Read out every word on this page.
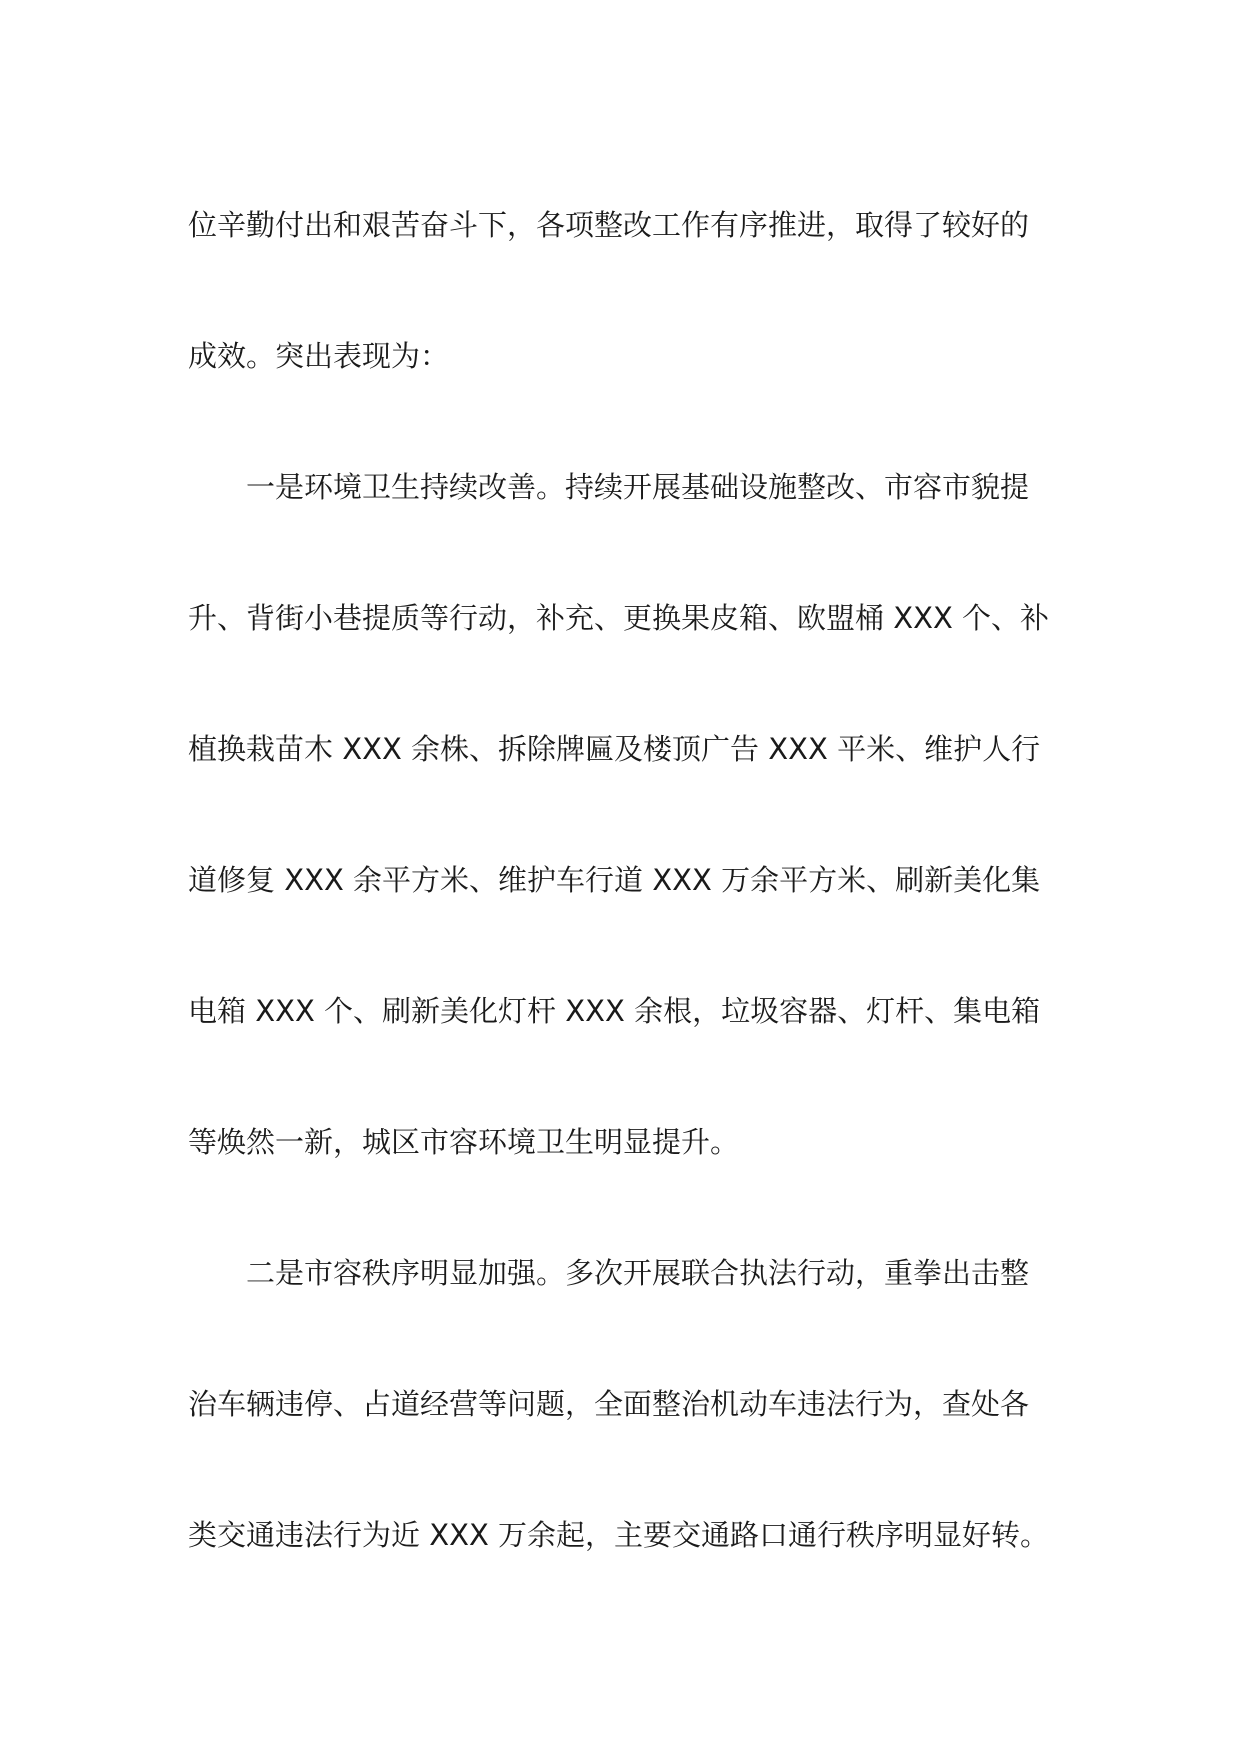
位辛勤付出和艰苦奋斗下，各项整改工作有序推进，取得了较好的
成效。突出表现为：
一是环境卫生持续改善。持续开展基础设施整改、市容市貌提
升、背街小巷提质等行动，补充、更换果皮箱、欧盟桶 XXX 个、补
植换栽苗木 XXX 余株、拆除牌匾及楼顶广告 XXX 平米、维护人行
道修复 XXX 余平方米、维护车行道 XXX 万余平方米、刷新美化集
电箱 XXX 个、刷新美化灯杆 XXX 余根，垃圾容器、灯杆、集电箱
等焕然一新，城区市容环境卫生明显提升。
二是市容秩序明显加强。多次开展联合执法行动，重拳出击整
治车辆违停、占道经营等问题，全面整治机动车违法行为，查处各
类交通违法行为近 XXX 万余起，主要交通路口通行秩序明显好转。
